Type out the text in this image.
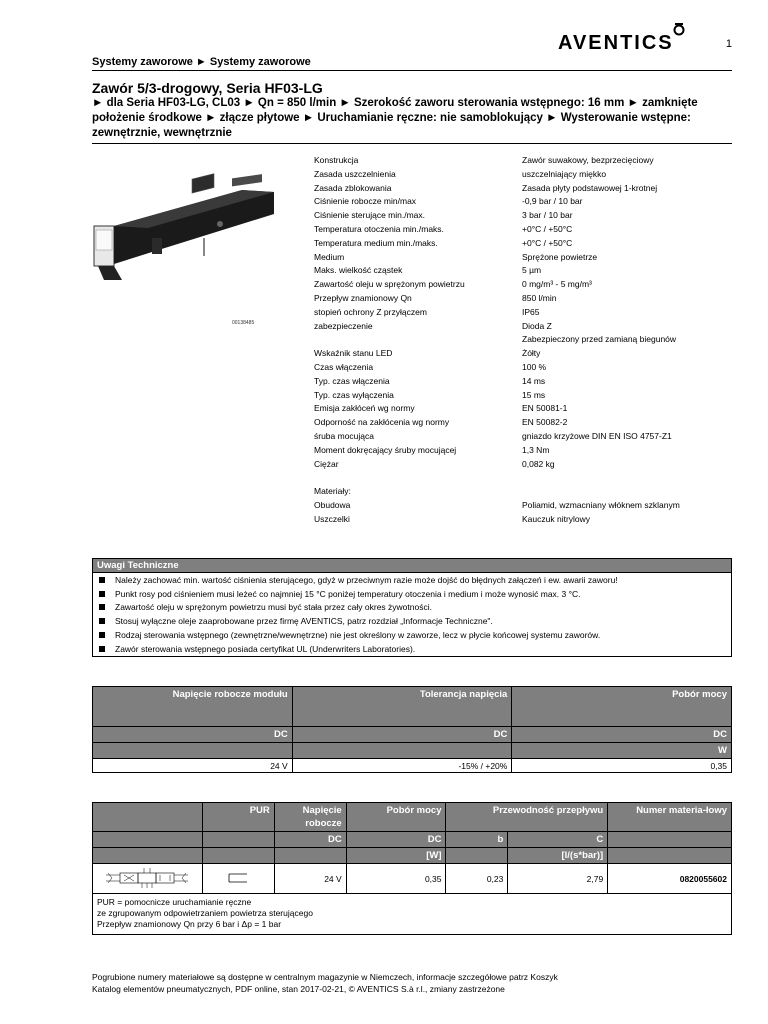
AVENTICS	1
Systemy zaworowe ► Systemy zaworowe
Zawór 5/3-drogowy, Seria HF03-LG
► dla Seria HF03-LG, CL03 ► Qn = 850 l/min ► Szerokość zaworu sterowania wstępnego: 16 mm ► zamknięte położenie środkowe ► złącze płytowe ► Uruchamianie ręczne: nie samoblokujący ► Wysterowanie wstępne: zewnętrznie, wewnętrznie
00138485
Konstrukcja	Zawór suwakowy, bezprzecięciowy
Zasada uszczelnienia	uszczelniający miękko
Zasada zblokowania	Zasada płyty podstawowej 1-krotnej
Ciśnienie robocze min/max	-0,9 bar / 10 bar
Ciśnienie sterujące min./max.	3 bar / 10 bar
Temperatura otoczenia min./maks.	+0°C / +50°C
Temperatura medium min./maks.	+0°C / +50°C
Medium	Sprężone powietrze
Maks. wielkość cząstek	5 µm
Zawartość oleju w sprężonym powietrzu	0 mg/m³ - 5 mg/m³
Przepływ znamionowy Qn	850 l/min
stopień ochrony Z przyłączem	IP65
zabezpieczenie	Dioda Z
Zabezpieczony przed zamianą biegunów
Wskaźnik stanu LED	Żółty
Czas włączenia	100 %
Typ. czas włączenia	14 ms
Typ. czas wyłączenia	15 ms
Emisja zakłóceń wg normy	EN 50081-1
Odporność na zakłócenia wg normy	EN 50082-2
śruba mocująca	gniazdo krzyżowe DIN EN ISO 4757-Z1
Moment dokręcający śruby mocującej	1,3 Nm
Ciężar	0,082 kg
Materiały:
Obudowa	Poliamid, wzmacniany włóknem szklanym
Uszczelki	Kauczuk nitrylowy
Uwagi Techniczne
Należy zachować min. wartość ciśnienia sterującego, gdyż w przeciwnym razie może dojść do błędnych załączeń i ew. awarii zaworu!
Punkt rosy pod ciśnieniem musi leżeć co najmniej 15 °C poniżej temperatury otoczenia i medium i może wynosić max. 3 °C.
Zawartość oleju w sprężonym powietrzu musi być stała przez cały okres żywotności.
Stosuj wyłączne oleje zaaprobowane przez firmę AVENTICS, patrz rozdział „Informacje Techniczne".
Rodzaj sterowania wstępnego (zewnętrzne/wewnętrzne) nie jest określony w zaworze, lecz w płycie końcowej systemu zaworów.
Zawór sterowania wstępnego posiada certyfikat UL (Underwriters Laboratories).
Napięcie robocze modułu	Tolerancja napięcia	Pobór mocy
DC	DC	DC
		W
24 V	-15% / +20%	0,35
	PUR	Napięcie robocze	Pobór mocy	Przewodność przepływu		Numer materia-łowy
		DC	DC	b	C	
			[W]		[l/(s*bar)]	
		24 V	0,35	0,23	2,79	0820055602
PUR = pomocnicze uruchamianie ręczne
ze zgrupowanym odpowietrzaniem powietrza sterującego
Przepływ znamionowy Qn przy 6 bar i Δp = 1 bar
Pogrubione numery materiałowe są dostępne w centralnym magazynie w Niemczech, informacje szczegółowe patrz Koszyk
Katalog elementów pneumatycznych, PDF online, stan 2017-02-21, © AVENTICS S.à r.l., zmiany zastrzeżone
